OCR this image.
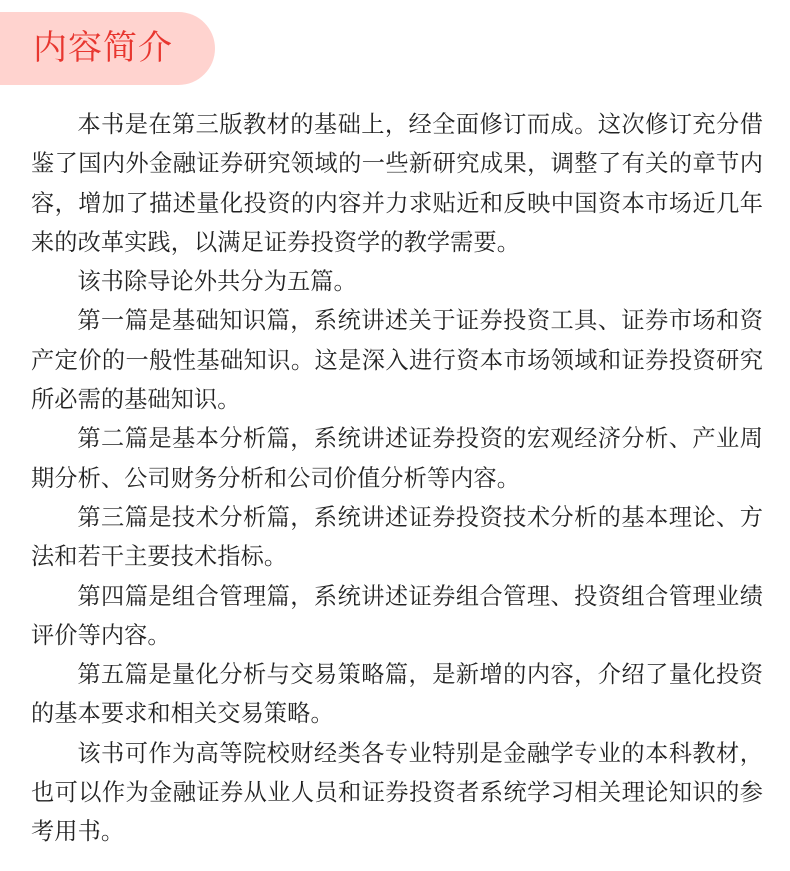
内容简介

本书是在第三版教材的基础上，经全面修订而成。这次修订充分借鉴了国内外金融证券研究领域的一些新研究成果，调整了有关的章节内容，增加了描述量化投资的内容并力求贴近和反映中国资本市场近几年来的改革实践，以满足证券投资学的教学需要。

该书除导论外共分为五篇。

第一篇是基础知识篇，系统讲述关于证券投资工具、证券市场和资产定价的一般性基础知识。这是深入进行资本市场领域和证券投资研究所必需的基础知识。

第二篇是基本分析篇，系统讲述证券投资的宏观经济分析、产业周期分析、公司财务分析和公司价值分析等内容。

第三篇是技术分析篇，系统讲述证券投资技术分析的基本理论、方法和若干主要技术指标。

第四篇是组合管理篇，系统讲述证券组合管理、投资组合管理业绩评价等内容。

第五篇是量化分析与交易策略篇，是新增的内容，介绍了量化投资的基本要求和相关交易策略。

该书可作为高等院校财经类各专业特别是金融学专业的本科教材，也可以作为金融证券从业人员和证券投资者系统学习相关理论知识的参考用书。
